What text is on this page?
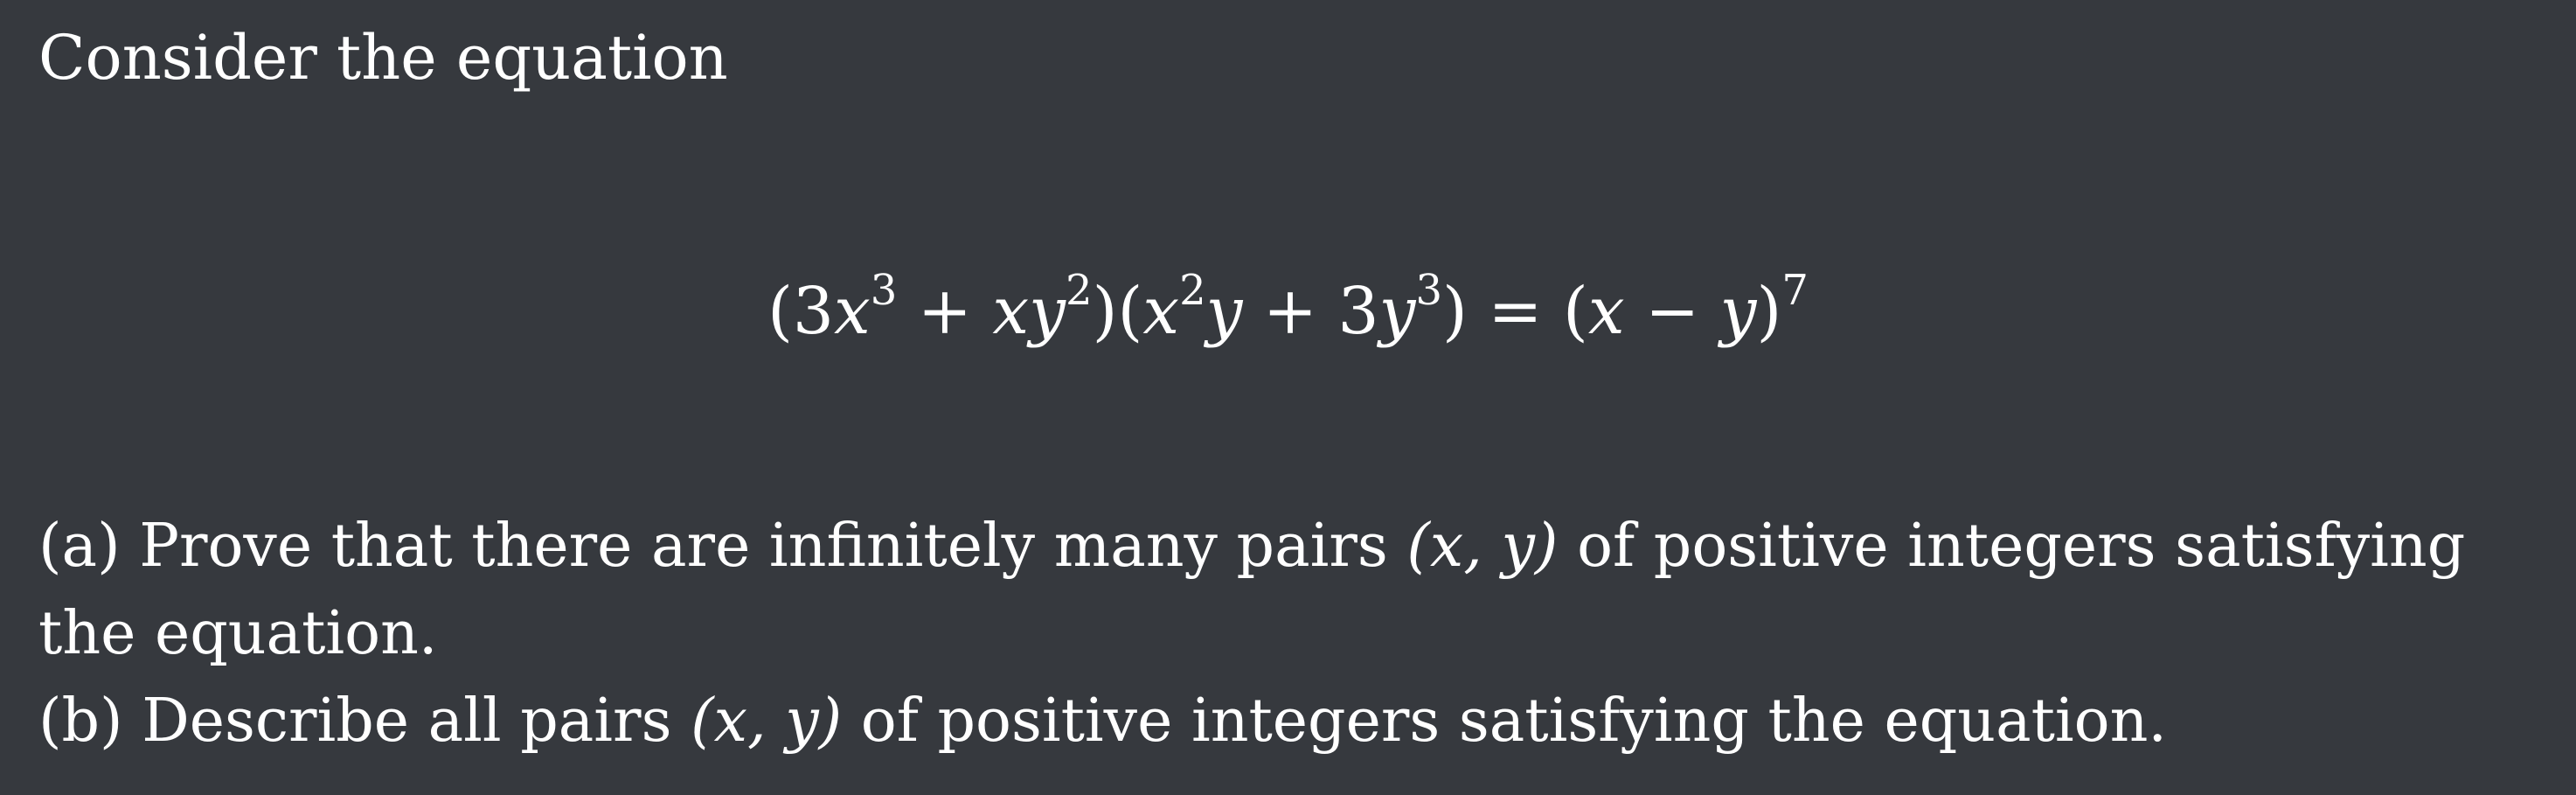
Consider the equation
$(3x^3 + xy^2)(x^2y + 3y^3) = (x - y)^7$

(a) Prove that there are infinitely many pairs (x, y) of positive integers satisfying

the equation.

(b) Describe all pairs (x, y) of positive integers satisfying the equation.
